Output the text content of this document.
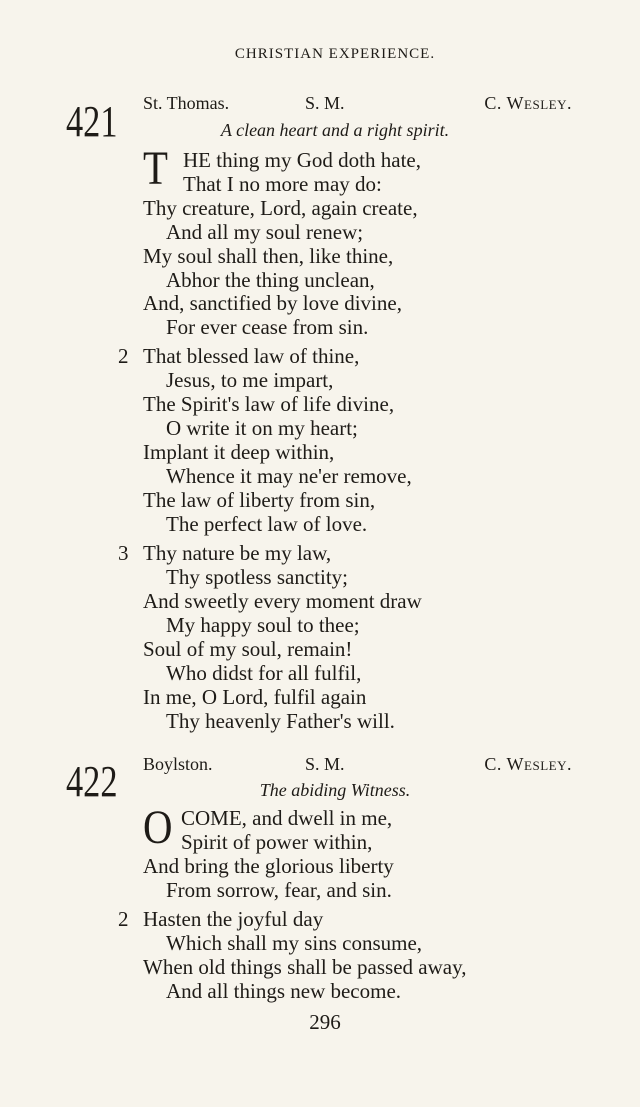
CHRISTIAN EXPERIENCE.
421 St. Thomas.	S. M.	C. Wesley.
A clean heart and a right spirit.
T HE thing my God doth hate,
That I no more may do:
Thy creature, Lord, again create,
And all my soul renew;
My soul shall then, like thine,
Abhor the thing unclean,
And, sanctified by love divine,
For ever cease from sin.
2 That blessed law of thine,
Jesus, to me impart,
The Spirit's law of life divine,
O write it on my heart;
Implant it deep within,
Whence it may ne'er remove,
The law of liberty from sin,
The perfect law of love.
3 Thy nature be my law,
Thy spotless sanctity;
And sweetly every moment draw
My happy soul to thee;
Soul of my soul, remain!
Who didst for all fulfil,
In me, O Lord, fulfil again
Thy heavenly Father's will.
422 Boylston.	S. M.	C. Wesley.
The abiding Witness.
O COME, and dwell in me,
Spirit of power within,
And bring the glorious liberty
From sorrow, fear, and sin.
2 Hasten the joyful day
Which shall my sins consume,
When old things shall be passed away,
And all things new become.
296
